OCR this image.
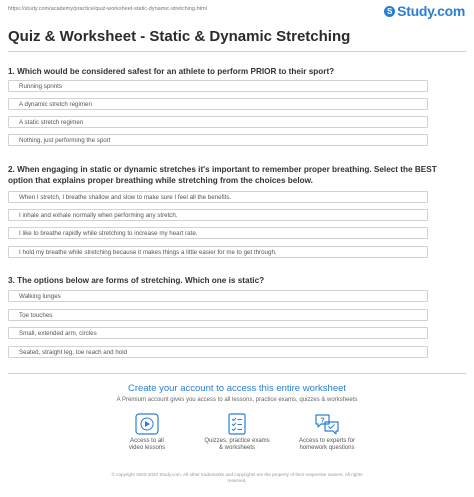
https://study.com/academy/practice/quiz-worksheet-static-dynamic-stretching.html	S Study.com
Quiz & Worksheet - Static & Dynamic Stretching
1. Which would be considered safest for an athlete to perform PRIOR to their sport?
Running sprints
A dynamic stretch regimen
A static stretch regimen
Nothing, just performing the sport
2. When engaging in static or dynamic stretches it's important to remember proper breathing. Select the BEST
option that explains proper breathing while stretching from the choices below.
When I stretch, I breathe shallow and slow to make sure I feel all the benefits.
I inhale and exhale normally when performing any stretch.
I like to breathe rapidly while stretching to increase my heart rate.
I hold my breathe while stretching because it makes things a little easier for me to get through.
3. The options below are forms of stretching. Which one is static?
Walking lunges
Toe touches
Small, extended arm, circles
Seated, straight leg, toe reach and hold
Create your account to access this entire worksheet
A Premium account gives you access to all lessons, practice exams, quizzes & worksheets
Access to all
video lessons
Quizzes, practice exams
& worksheets
?
Access to experts for
homework questions
© copyright 2003-2020 Study.com. All other trademarks and copyrights are the property of their respective owners. All rights
reserved.
